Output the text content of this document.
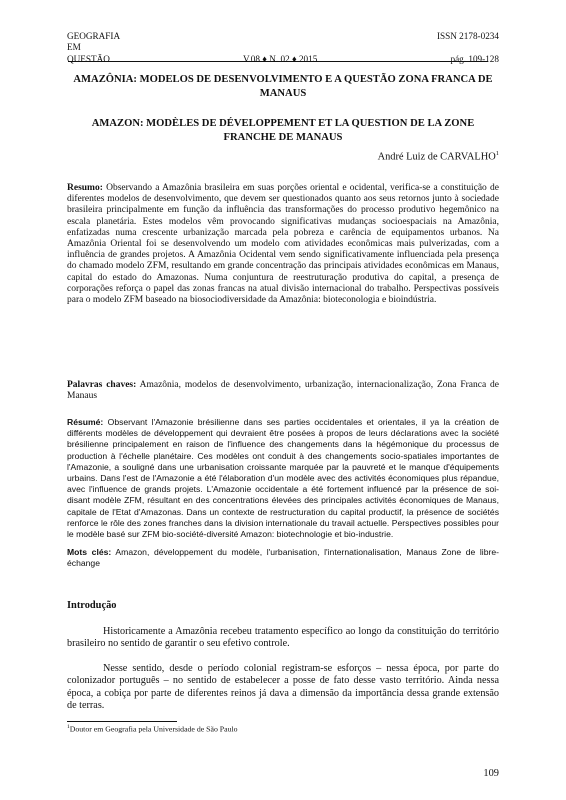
GEOGRAFIA	ISSN 2178-0234
EM
QUESTÃO	V.08 ♦ N. 02 ♦ 2015	pág. 109-128
AMAZÔNIA: MODELOS DE DESENVOLVIMENTO E A QUESTÃO ZONA FRANCA DE MANAUS
AMAZON: MODÈLES DE DÉVELOPPEMENT ET LA QUESTION DE LA ZONE FRANCHE DE MANAUS
André Luiz de CARVALHO$^1$
Resumo: Observando a Amazônia brasileira em suas porções oriental e ocidental, verifica-se a constituição de diferentes modelos de desenvolvimento, que devem ser questionados quanto aos seus retornos junto à sociedade brasileira principalmente em função da influência das transformações do processo produtivo hegemônico na escala planetária. Estes modelos vêm provocando significativas mudanças socioespaciais na Amazônia, enfatizadas numa crescente urbanização marcada pela pobreza e carência de equipamentos urbanos. Na Amazônia Oriental foi se desenvolvendo um modelo com atividades econômicas mais pulverizadas, com a influência de grandes projetos. A Amazônia Ocidental vem sendo significativamente influenciada pela presença do chamado modelo ZFM, resultando em grande concentração das principais atividades econômicas em Manaus, capital do estado do Amazonas. Numa conjuntura de reestruturação produtiva do capital, a presença de corporações reforça o papel das zonas francas na atual divisão internacional do trabalho. Perspectivas possíveis para o modelo ZFM baseado na biosociodiversidade da Amazônia: bioteconologia e bioindústria.
Palavras chaves: Amazônia, modelos de desenvolvimento, urbanização, internacionalização, Zona Franca de Manaus
Résumé: Observant l'Amazonie brésilienne dans ses parties occidentales et orientales, il ya la création de différents modèles de développement qui devraient être posées à propos de leurs déclarations avec la société brésilienne principalement en raison de l'influence des changements dans la hégémonique du processus de production à l'échelle planétaire. Ces modèles ont conduit à des changements socio-spatiales importantes de l'Amazonie, a souligné dans une urbanisation croissante marquée par la pauvreté et le manque d'équipements urbains. Dans l'est de l'Amazonie a été l'élaboration d'un modèle avec des activités économiques plus répandue, avec l'influence de grands projets. L'Amazonie occidentale a été fortement influencé par la présence de soi-disant modèle ZFM, résultant en des concentrations élevées des principales activités économiques de Manaus, capitale de l'Etat d'Amazonas. Dans un contexte de restructuration du capital productif, la présence de sociétés renforce le rôle des zones franches dans la division internationale du travail actuelle. Perspectives possibles pour le modèle basé sur ZFM bio-société-diversité Amazon: biotechnologie et bio-industrie.
Mots clés: Amazon, développement du modèle, l'urbanisation, l'internationalisation, Manaus Zone de libre-échange
Introdução
Historicamente a Amazônia recebeu tratamento específico ao longo da constituição do território brasileiro no sentido de garantir o seu efetivo controle.
Nesse sentido, desde o período colonial registram-se esforços – nessa época, por parte do colonizador português – no sentido de estabelecer a posse de fato desse vasto território. Ainda nessa época, a cobiça por parte de diferentes reinos já dava a dimensão da importância dessa grande extensão de terras.
$^1$Doutor em Geografia pela Universidade de São Paulo
109
